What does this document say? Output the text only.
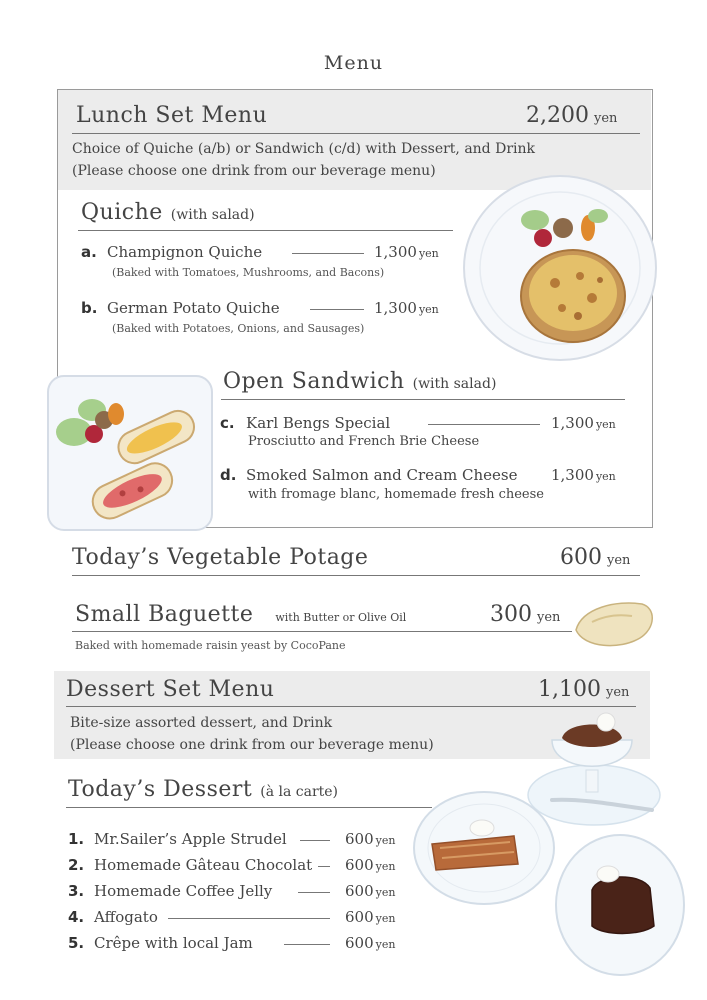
Menu
Lunch Set Menu	2,200 yen
Choice of Quiche (a/b) or Sandwich (c/d) with Dessert, and Drink
(Please choose one drink from our beverage menu)
Quiche (with salad)
a. Champignon Quiche	1,300 yen
(Baked with Tomatoes, Mushrooms, and Bacons)
b. German Potato Quiche	1,300 yen
(Baked with Potatoes, Onions, and Sausages)
Open Sandwich (with salad)
c. Karl Bengs Special	1,300 yen
Prosciutto and French Brie Cheese
d. Smoked Salmon and Cream Cheese 1,300 yen
with fromage blanc, homemade fresh cheese
Today’s Vegetable Potage	600 yen
Small Baguette with Butter or Olive Oil	300 yen
Baked with homemade raisin yeast by CocoPane
Dessert Set Menu	1,100 yen
Bite-size assorted dessert, and Drink
(Please choose one drink from our beverage menu)
Today’s Dessert (à la carte)
1. Mr.Sailer’s Apple Strudel	600 yen
2. Homemade Gâteau Chocolat 600 yen
3. Homemade Coffee Jelly	600 yen
4. Affogato	600 yen
5. Crêpe with local Jam	600 yen
